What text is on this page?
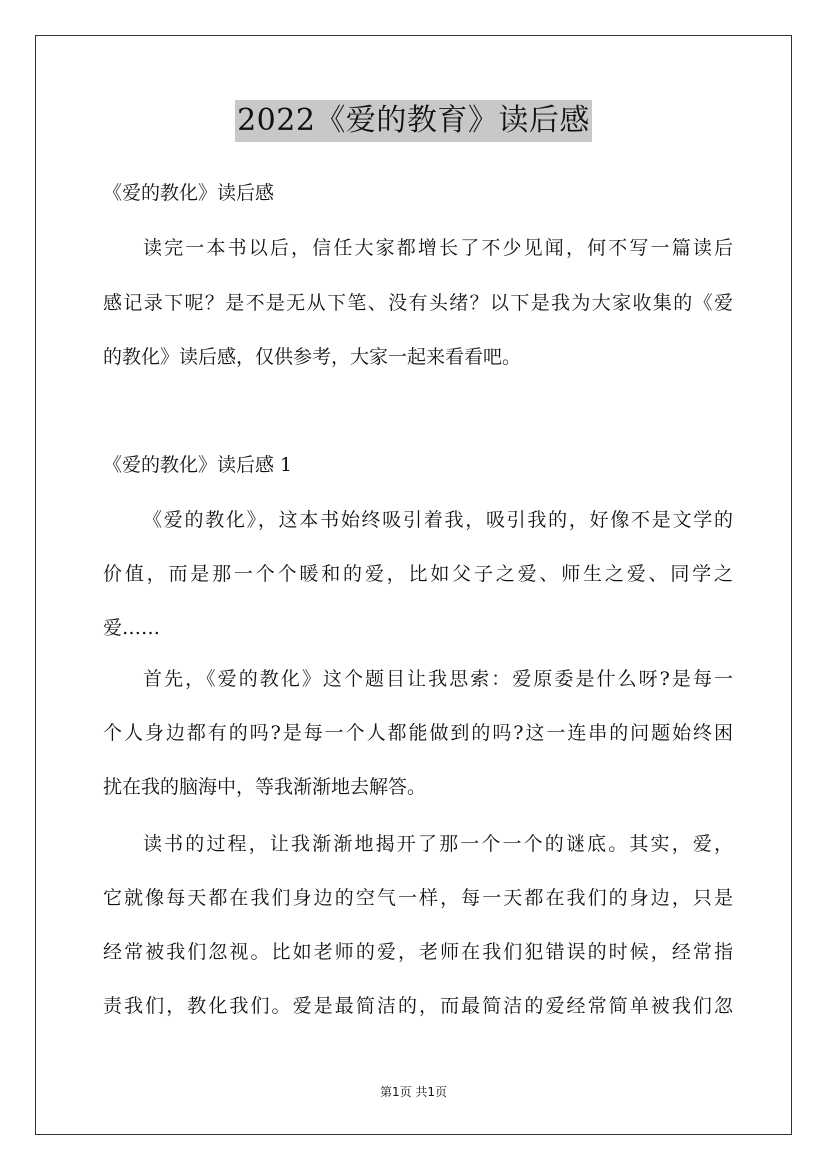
2022《爱的教育》读后感
《爱的教化》读后感
读完一本书以后，信任大家都增长了不少见闻，何不写一篇读后
感记录下呢？是不是无从下笔、没有头绪？以下是我为大家收集的《爱
的教化》读后感，仅供参考，大家一起来看看吧。
《爱的教化》读后感 1
《爱的教化》，这本书始终吸引着我，吸引我的，好像不是文学的
价值，而是那一个个暖和的爱，比如父子之爱、师生之爱、同学之
爱……
首先，《爱的教化》这个题目让我思索：爱原委是什么呀?是每一
个人身边都有的吗?是每一个人都能做到的吗?这一连串的问题始终困
扰在我的脑海中，等我渐渐地去解答。
读书的过程，让我渐渐地揭开了那一个一个的谜底。其实，爱，
它就像每天都在我们身边的空气一样，每一天都在我们的身边，只是
经常被我们忽视。比如老师的爱，老师在我们犯错误的时候，经常指
责我们，教化我们。爱是最简洁的，而最简洁的爱经常简单被我们忽
第1页 共1页
